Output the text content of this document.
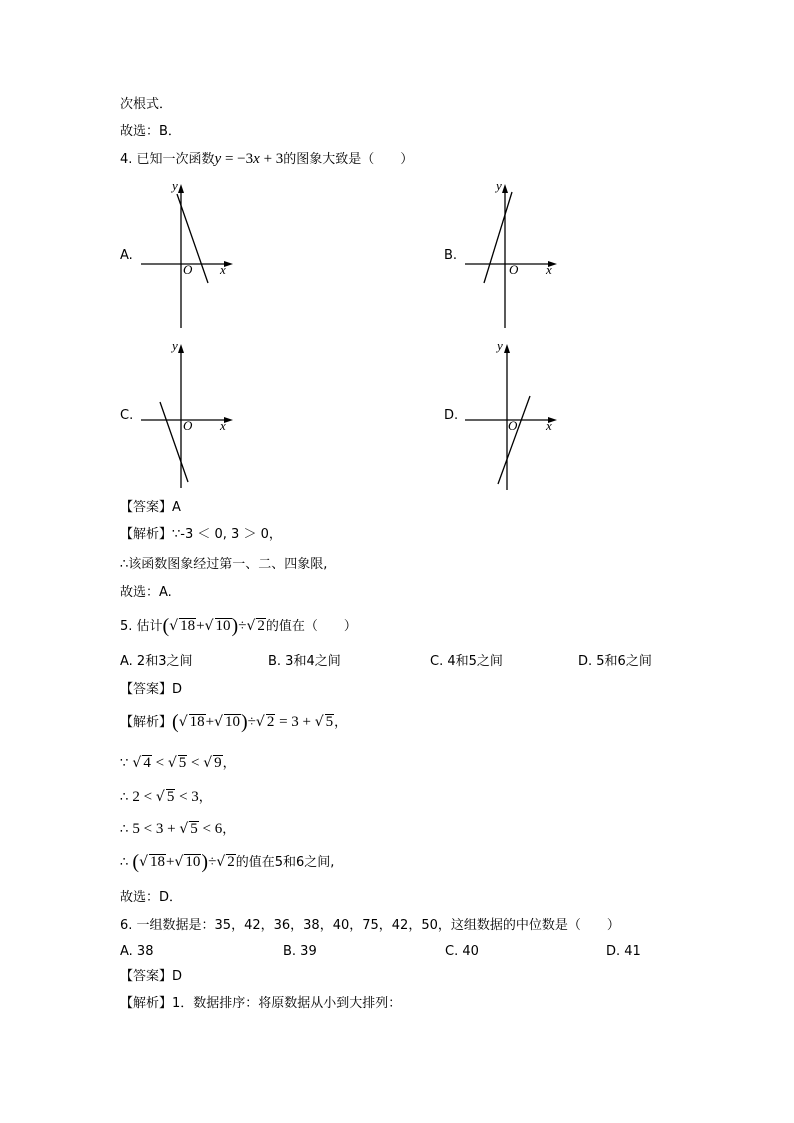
次根式．
故选：B．
4. 已知一次函数y = −3x + 3的图象大致是（　　）
A.
y
O x
B.
y
O x
C.
y
O x
D.
y
O x
【答案】A
【解析】∵-3 ＜ 0, 3 ＞ 0，
∴该函数图象经过第一、二、四象限,
故选：A.
5. 估计(√ 18+√ 10)÷√ 2的值在（　　）
A. 2和3之间	B. 3和4之间	C. 4和5之间	D. 5和6之间
【答案】D
【解析】(√ 18+√ 10)÷√ 2 = 3 + √ 5，
∵ √ 4 < √ 5 < √ 9，
∴ 2 < √ 5 < 3，
∴ 5 < 3 + √ 5 < 6，
∴ (√ 18+√ 10)÷√ 2的值在5和6之间,
故选：D．
6. 一组数据是：35，42，36，38，40，75，42，50，这组数据的中位数是（　　）
A. 38	B. 39	C. 40	D. 41
【答案】D
【解析】1．数据排序：将原数据从小到大排列：
